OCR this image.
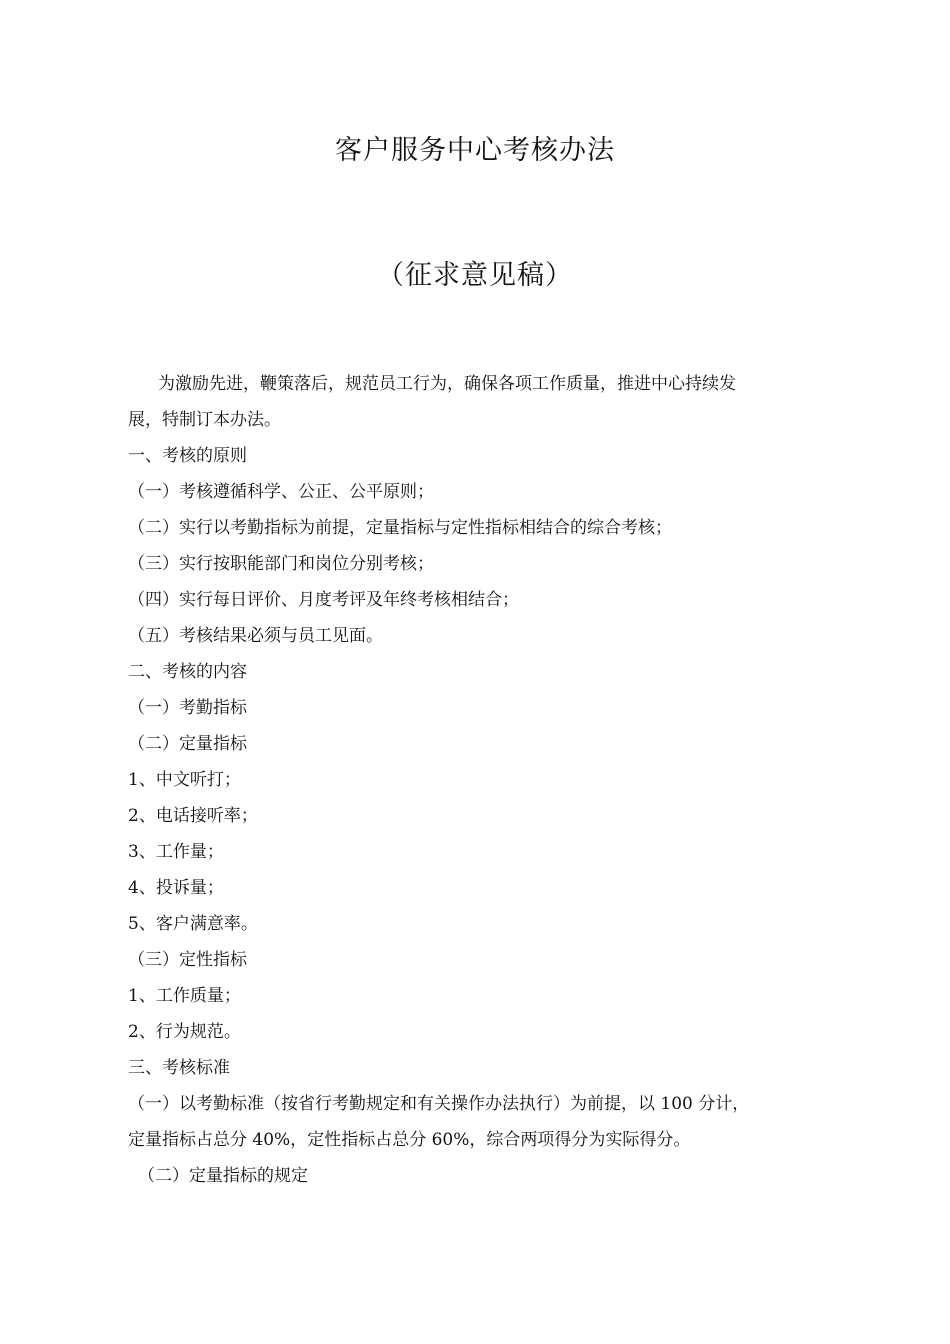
客户服务中心考核办法
（征求意见稿）
为激励先进，鞭策落后，规范员工行为，确保各项工作质量，推进中心持续发
展，特制订本办法。
一、考核的原则
（一）考核遵循科学、公正、公平原则；
（二）实行以考勤指标为前提，定量指标与定性指标相结合的综合考核；
（三）实行按职能部门和岗位分别考核；
（四）实行每日评价、月度考评及年终考核相结合；
（五）考核结果必须与员工见面。
二、考核的内容
（一）考勤指标
（二）定量指标
1、中文听打；
2、电话接听率；
3、工作量；
4、投诉量；
5、客户满意率。
（三）定性指标
1、工作质量；
2、行为规范。
三、考核标准
（一）以考勤标准（按省行考勤规定和有关操作办法执行）为前提，以 100 分计，
定量指标占总分 40%，定性指标占总分 60%，综合两项得分为实际得分。
（二）定量指标的规定
